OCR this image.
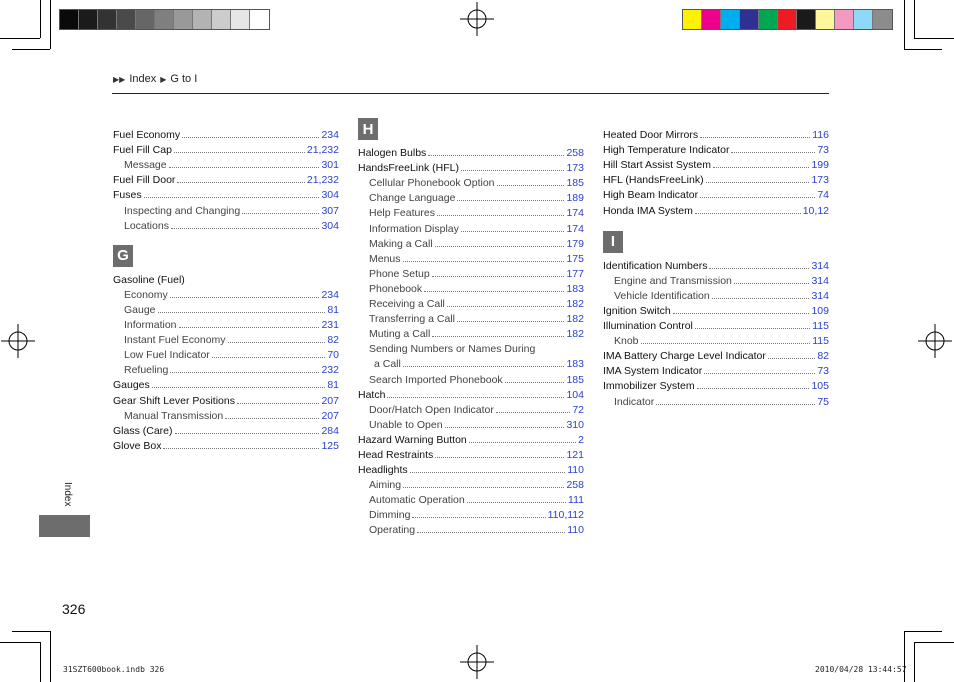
▶▶ Index ▶ G to I
Fuel Economy	234
Fuel Fill Cap	21,232
Message	301
Fuel Fill Door	21,232
Fuses	304
Inspecting and Changing	307
Locations	304
G
Gasoline (Fuel)
Economy	234
Gauge	81
Information	231
Instant Fuel Economy	82
Low Fuel Indicator	70
Refueling	232
Gauges	81
Gear Shift Lever Positions	207
Manual Transmission	207
Glass (Care)	284
Glove Box	125
H
Halogen Bulbs	258
HandsFreeLink (HFL)	173
Cellular Phonebook Option	185
Change Language	189
Help Features	174
Information Display	174
Making a Call	179
Menus	175
Phone Setup	177
Phonebook	183
Receiving a Call	182
Transferring a Call	182
Muting a Call	182
Sending Numbers or Names During
a Call	183
Search Imported Phonebook	185
Hatch	104
Door/Hatch Open Indicator	72
Unable to Open	310
Hazard Warning Button	2
Head Restraints	121
Headlights	110
Aiming	258
Automatic Operation	111
Dimming	110,112
Operating	110
Heated Door Mirrors	116
High Temperature Indicator	73
Hill Start Assist System	199
HFL (HandsFreeLink)	173
High Beam Indicator	74
Honda IMA System	10,12
I
Identification Numbers	314
Engine and Transmission	314
Vehicle Identification	314
Ignition Switch	109
Illumination Control	115
Knob	115
IMA Battery Charge Level Indicator	82
IMA System Indicator	73
Immobilizer System	105
Indicator	75
Index
326
31SZT600book.indb 326	2010/04/28 13:44:57
